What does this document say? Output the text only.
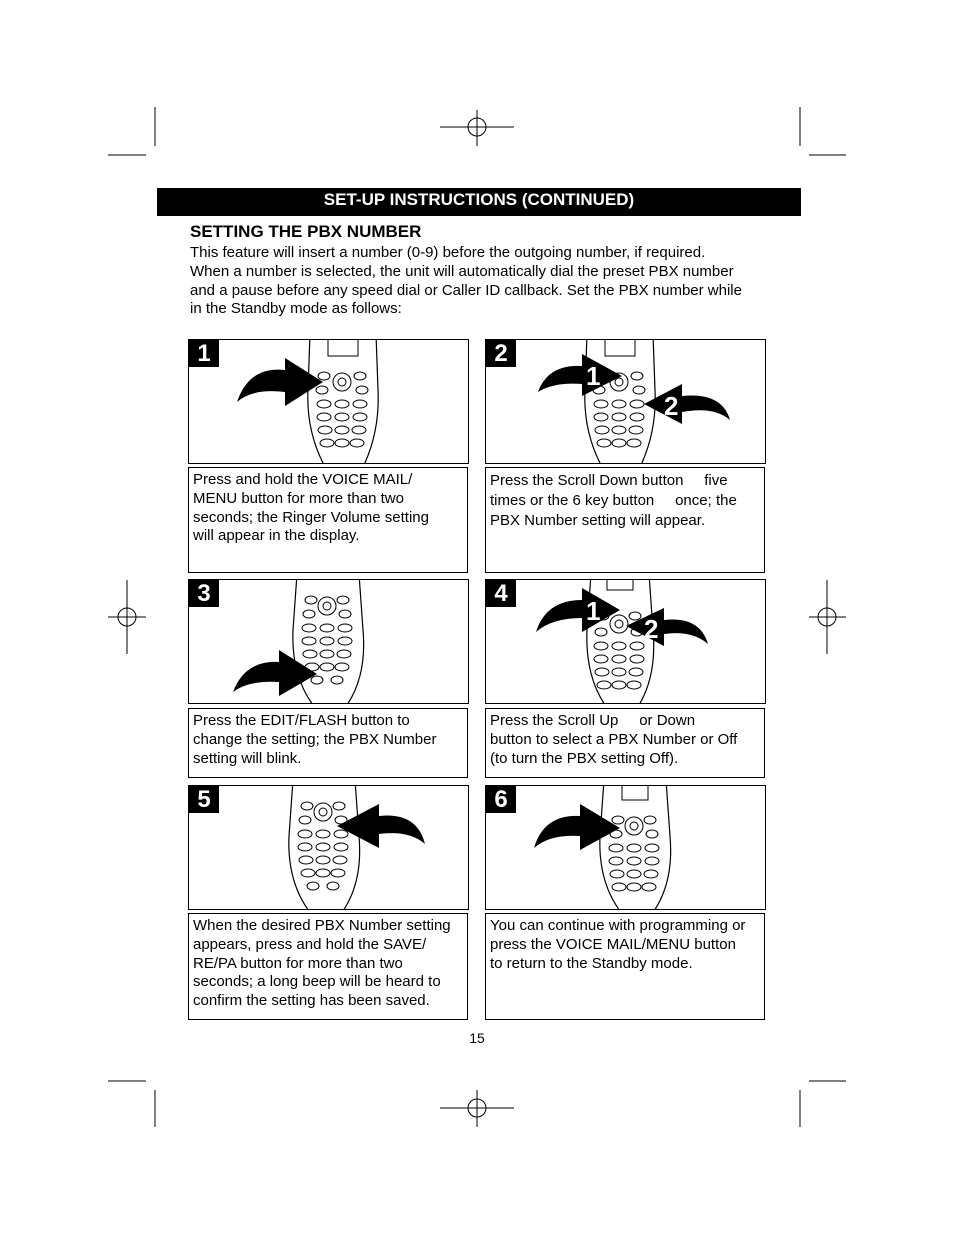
SET-UP INSTRUCTIONS (CONTINUED)
SETTING THE PBX NUMBER
This feature will insert a number (0-9) before the outgoing number, if required.
When a number is selected, the unit will automatically dial the preset PBX number
and a pause before any speed dial or Caller ID callback. Set the PBX number while
in the Standby mode as follows:
1
Press and hold the VOICE MAIL/
MENU button for more than two
seconds; the Ringer Volume setting
will appear in the display.
1
2
2
Press the Scroll Down button     five
times or the 6 key button     once; the
PBX Number setting will appear.
3
Press the EDIT/FLASH button to
change the setting; the PBX Number
setting will blink.
1
2
4
Press the Scroll Up     or Down
button to select a PBX Number or Off
(to turn the PBX setting Off).
5
When the desired PBX Number setting
appears, press and hold the SAVE/
RE/PA button for more than two
seconds; a long beep will be heard to
confirm the setting has been saved.
6
You can continue with programming or
press the VOICE MAIL/MENU button
to return to the Standby mode.
15
